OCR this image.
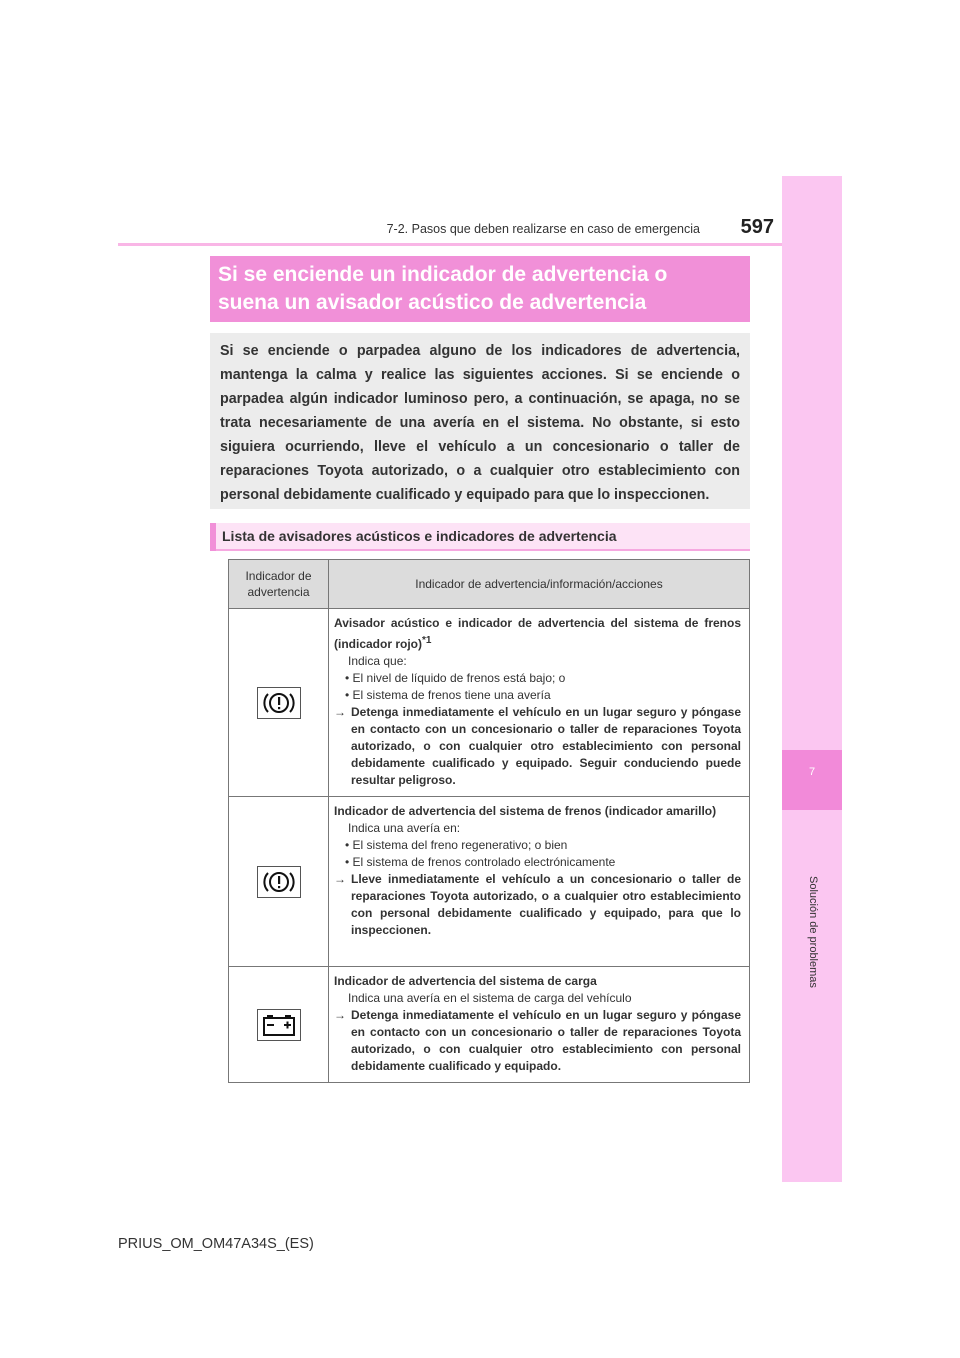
7
Solución de problemas
7-2. Pasos que deben realizarse en caso de emergencia	597
Si se enciende un indicador de advertencia o
suena un avisador acústico de advertencia
Si se enciende o parpadea alguno de los indicadores de advertencia, mantenga la calma y realice las siguientes acciones. Si se enciende o parpadea algún indicador luminoso pero, a continuación, se apaga, no se trata necesariamente de una avería en el sistema. No obstante, si esto siguiera ocurriendo, lleve el vehículo a un concesionario o taller de reparaciones Toyota autorizado, o a cualquier otro establecimiento con personal debidamente cualificado y equipado para que lo inspeccionen.
Lista de avisadores acústicos e indicadores de advertencia
Indicador de advertencia	Indicador de advertencia/información/acciones

Avisador acústico e indicador de advertencia del sistema de frenos (indicador rojo)$^{*1}$
Indica que:
• El nivel de líquido de frenos está bajo; o
• El sistema de frenos tiene una avería
→ Detenga inmediatamente el vehículo en un lugar seguro y póngase en contacto con un concesionario o taller de reparaciones Toyota autorizado, o con cualquier otro establecimiento con personal debidamente cualificado y equipado. Seguir conduciendo puede resultar peligroso.

Indicador de advertencia del sistema de frenos (indicador amarillo)
Indica una avería en:
• El sistema del freno regenerativo; o bien
• El sistema de frenos controlado electrónicamente
→ Lleve inmediatamente el vehículo a un concesionario o taller de reparaciones Toyota autorizado, o a cualquier otro establecimiento con personal debidamente cualificado y equipado, para que lo inspeccionen.

Indicador de advertencia del sistema de carga
Indica una avería en el sistema de carga del vehículo
→ Detenga inmediatamente el vehículo en un lugar seguro y póngase en contacto con un concesionario o taller de reparaciones Toyota autorizado, o con cualquier otro establecimiento con personal debidamente cualificado y equipado.
PRIUS_OM_OM47A34S_(ES)
